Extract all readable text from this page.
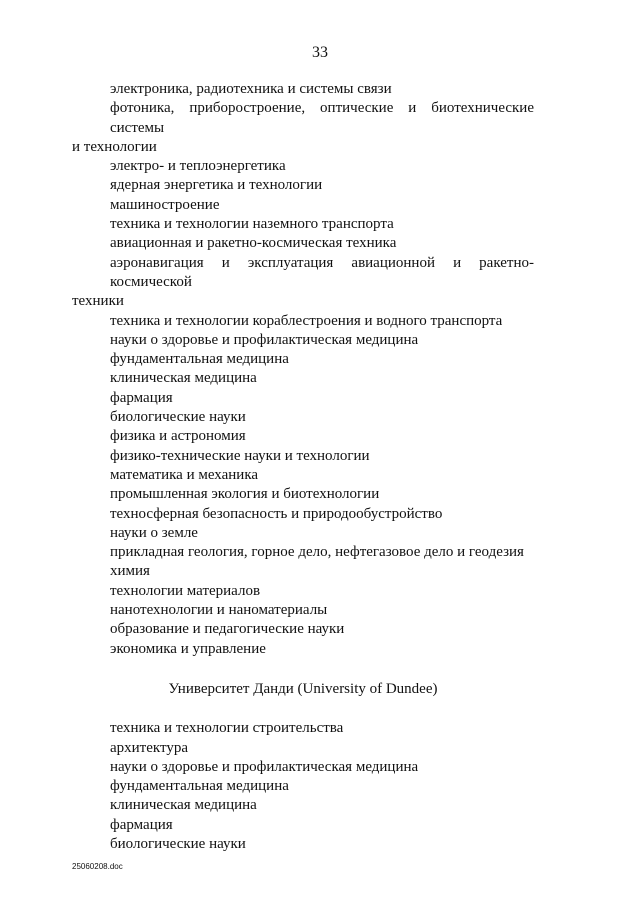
33
электроника, радиотехника и системы связи
фотоника, приборостроение, оптические и биотехнические системы
и технологии
электро- и теплоэнергетика
ядерная энергетика и технологии
машиностроение
техника и технологии наземного транспорта
авиационная и ракетно-космическая техника
аэронавигация и эксплуатация авиационной и ракетно-космической
техники
техника и технологии кораблестроения и водного транспорта
науки о здоровье и профилактическая медицина
фундаментальная медицина
клиническая медицина
фармация
биологические науки
физика и астрономия
физико-технические науки и технологии
математика и механика
промышленная экология и биотехнологии
техносферная безопасность и природообустройство
науки о земле
прикладная геология, горное дело, нефтегазовое дело и геодезия
химия
технологии материалов
нанотехнологии и наноматериалы
образование и педагогические науки
экономика и управление
Университет Данди (University of Dundee)
техника и технологии строительства
архитектура
науки о здоровье и профилактическая медицина
фундаментальная медицина
клиническая медицина
фармация
биологические науки
25060208.doc
